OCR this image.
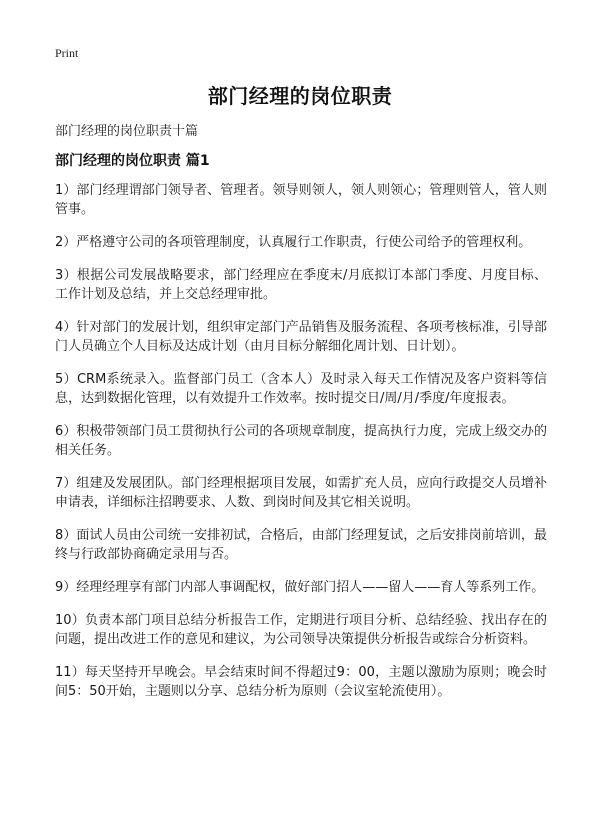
Print
部门经理的岗位职责
部门经理的岗位职责十篇
部门经理的岗位职责 篇1
1）部门经理谓部门领导者、管理者。领导则领人，领人则领心；管理则管人，管人则管事。
2）严格遵守公司的各项管理制度，认真履行工作职责，行使公司给予的管理权利。
3）根据公司发展战略要求，部门经理应在季度末/月底拟订本部门季度、月度目标、工作计划及总结，并上交总经理审批。
4）针对部门的发展计划，组织审定部门产品销售及服务流程、各项考核标准，引导部门人员确立个人目标及达成计划（由月目标分解细化周计划、日计划）。
5）CRM系统录入。监督部门员工（含本人）及时录入每天工作情况及客户资料等信息，达到数据化管理，以有效提升工作效率。按时提交日/周/月/季度/年度报表。
6）积极带领部门员工贯彻执行公司的各项规章制度，提高执行力度，完成上级交办的相关任务。
7）组建及发展团队。部门经理根据项目发展，如需扩充人员，应向行政提交人员增补申请表，详细标注招聘要求、人数、到岗时间及其它相关说明。
8）面试人员由公司统一安排初试，合格后，由部门经理复试，之后安排岗前培训，最终与行政部协商确定录用与否。
9）经理经理享有部门内部人事调配权，做好部门招人——留人——育人等系列工作。
10）负责本部门项目总结分析报告工作，定期进行项目分析、总结经验、找出存在的问题，提出改进工作的意见和建议，为公司领导决策提供分析报告或综合分析资料。
11）每天坚持开早晚会。早会结束时间不得超过9：00，主题以激励为原则；晚会时间5：50开始，主题则以分享、总结分析为原则（会议室轮流使用）。
